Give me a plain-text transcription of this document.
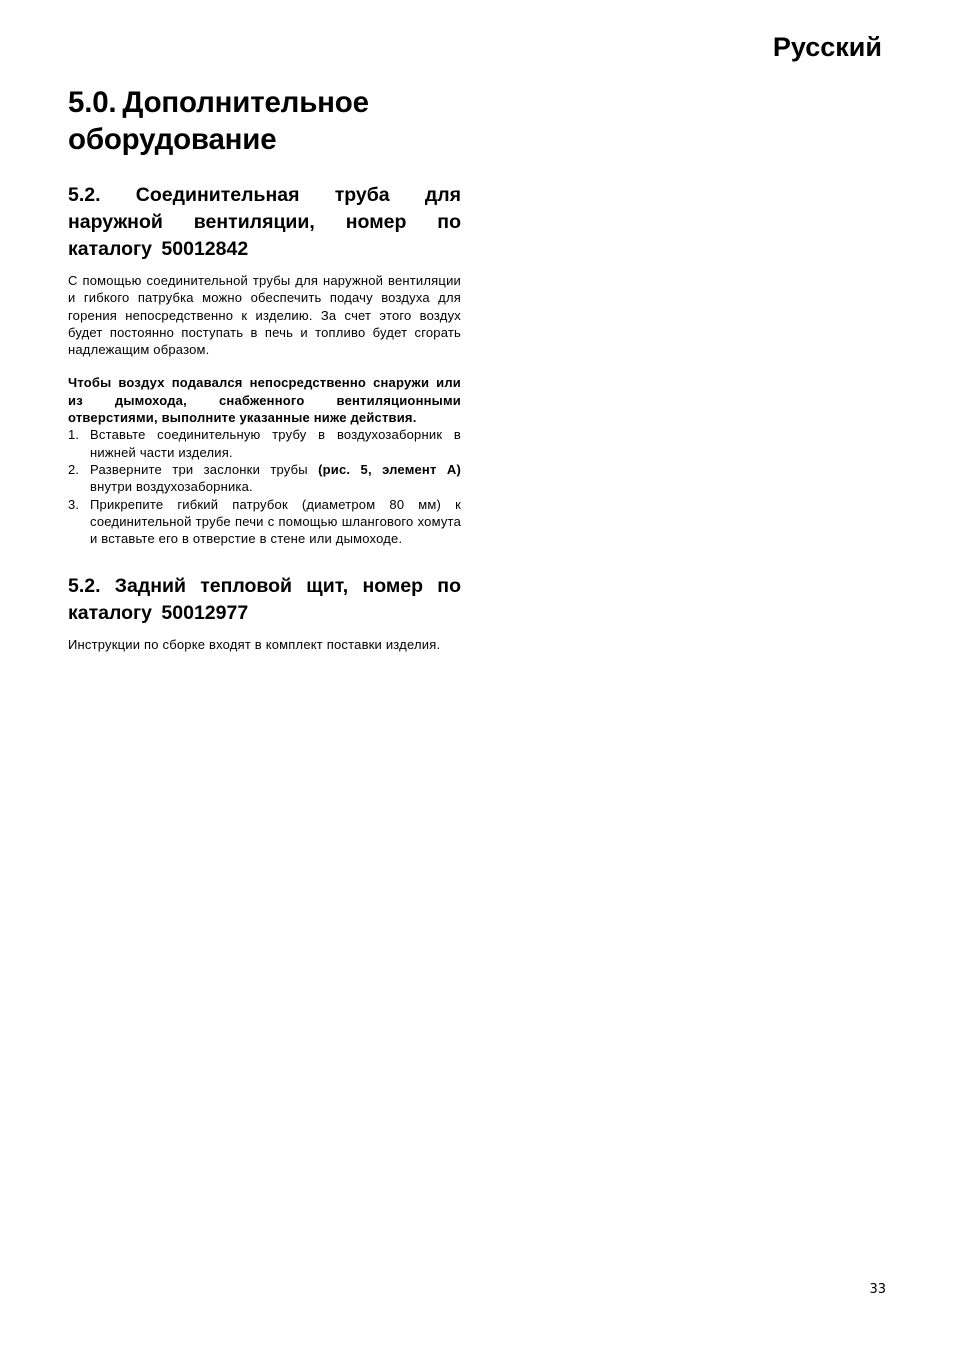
Русский
5.0. Дополнительное оборудование
5.2. Соединительная труба для наружной вентиляции, номер по каталогу 50012842

С помощью соединительной трубы для наружной вентиляции и гибкого патрубка можно обеспечить подачу воздуха для горения непосредственно к изделию. За счет этого воздух будет постоянно поступать в печь и топливо будет сгорать надлежащим образом.

Чтобы воздух подавался непосредственно снаружи или из дымохода, снабженного вентиляционными отверстиями, выполните указанные ниже действия.

1. Вставьте соединительную трубу в воздухозаборник в нижней части изделия.
2. Разверните три заслонки трубы (рис. 5, элемент A) внутри воздухозаборника.
3. Прикрепите гибкий патрубок (диаметром 80 мм) к соединительной трубе печи с помощью шлангового хомута и вставьте его в отверстие в стене или дымоходе.
5.2. Задний тепловой щит, номер по каталогу 50012977

Инструкции по сборке входят в комплект поставки изделия.

33
